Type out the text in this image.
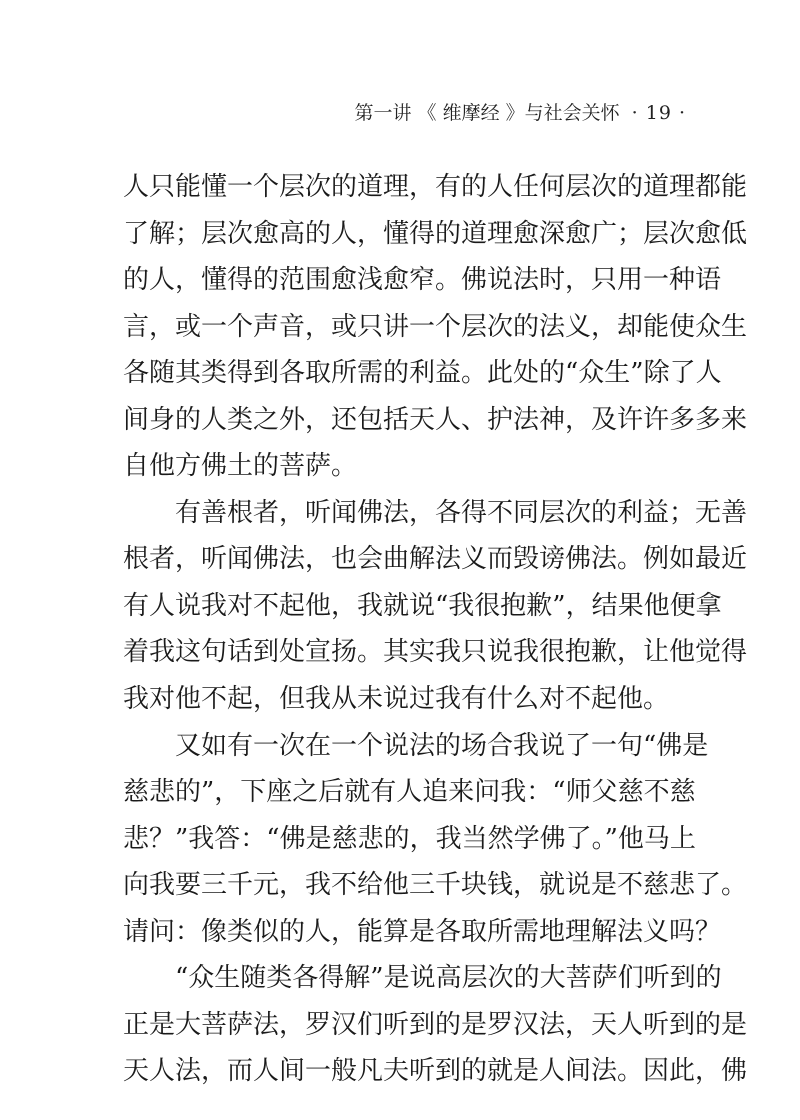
第一讲 《 维摩经 》与社会关怀 · 19 ·
人只能懂一个层次的道理，有的人任何层次的道理都能
了解；层次愈高的人，懂得的道理愈深愈广；层次愈低
的人，懂得的范围愈浅愈窄。佛说法时，只用一种语
言，或一个声音，或只讲一个层次的法义，却能使众生
各随其类得到各取所需的利益。此处的“众生”除了人
间身的人类之外，还包括天人、护法神，及许许多多来
自他方佛土的菩萨。
有善根者，听闻佛法，各得不同层次的利益；无善
根者，听闻佛法，也会曲解法义而毁谤佛法。例如最近
有人说我对不起他，我就说“我很抱歉”，结果他便拿
着我这句话到处宣扬。其实我只说我很抱歉，让他觉得
我对他不起，但我从未说过我有什么对不起他。
又如有一次在一个说法的场合我说了一句“佛是
慈悲的”，下座之后就有人追来问我：“师父慈不慈
悲？”我答：“佛是慈悲的，我当然学佛了。”他马上
向我要三千元，我不给他三千块钱，就说是不慈悲了。
请问：像类似的人，能算是各取所需地理解法义吗？
“众生随类各得解”是说高层次的大菩萨们听到的
正是大菩萨法，罗汉们听到的是罗汉法，天人听到的是
天人法，而人间一般凡夫听到的就是人间法。因此，佛
